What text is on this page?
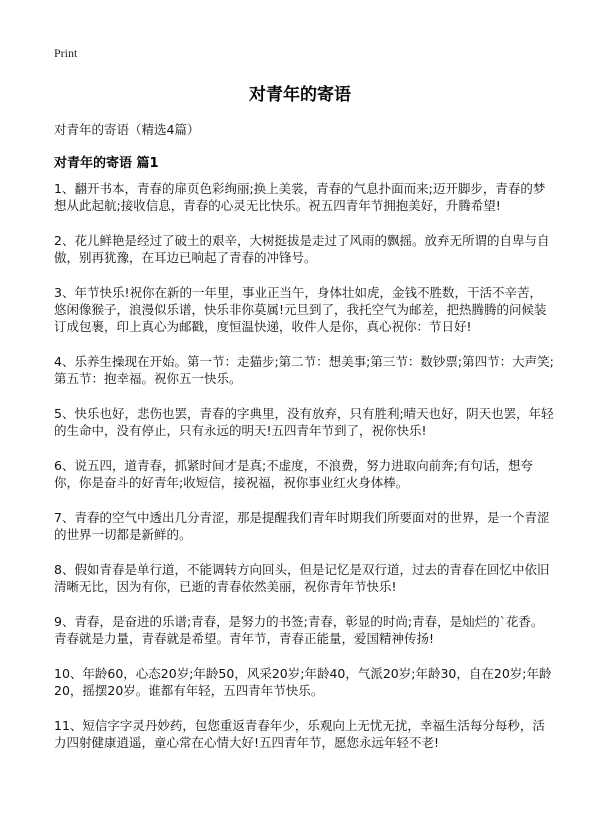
Print
对青年的寄语
对青年的寄语（精选4篇）
对青年的寄语 篇1

1、翻开书本，青春的扉页色彩绚丽;换上美裳，青春的气息扑面而来;迈开脚步，青春的梦想从此起航;接收信息，青春的心灵无比快乐。祝五四青年节拥抱美好，升腾希望!

2、花儿鲜艳是经过了破土的艰辛，大树挺拔是走过了风雨的飘摇。放弃无所谓的自卑与自傲，别再犹豫，在耳边已响起了青春的冲锋号。

3、年节快乐!祝你在新的一年里，事业正当午，身体壮如虎，金钱不胜数，干活不辛苦，悠闲像猴子，浪漫似乐谱，快乐非你莫属!元旦到了，我托空气为邮差，把热腾腾的问候装订成包裹，印上真心为邮戳，度恒温快递，收件人是你，真心祝你：节日好!

4、乐养生操现在开始。第一节：走猫步;第二节：想美事;第三节：数钞票;第四节：大声笑;第五节：抱幸福。祝你五一快乐。

5、快乐也好，悲伤也罢，青春的字典里，没有放弃，只有胜利;晴天也好，阴天也罢，年轻的生命中，没有停止，只有永远的明天!五四青年节到了，祝你快乐!

6、说五四，道青春，抓紧时间才是真;不虚度，不浪费，努力进取向前奔;有句话，想夸你，你是奋斗的好青年;收短信，接祝福，祝你事业红火身体棒。

7、青春的空气中透出几分青涩，那是提醒我们青年时期我们所要面对的世界，是一个青涩的世界一切都是新鲜的。

8、假如青春是单行道，不能调转方向回头，但是记忆是双行道，过去的青春在回忆中依旧清晰无比，因为有你，已逝的青春依然美丽，祝你青年节快乐!

9、青春，是奋进的乐谱;青春，是努力的书签;青春，彰显的时尚;青春，是灿烂的`花香。青春就是力量，青春就是希望。青年节，青春正能量，爱国精神传扬!

10、年龄60，心态20岁;年龄50，风采20岁;年龄40，气派20岁;年龄30，自在20岁;年龄20，摇摆20岁。谁都有年轻，五四青年节快乐。

11、短信字字灵丹妙药，包您重返青春年少，乐观向上无忧无扰，幸福生活每分每秒，活力四射健康逍遥，童心常在心情大好!五四青年节，愿您永远年轻不老!
